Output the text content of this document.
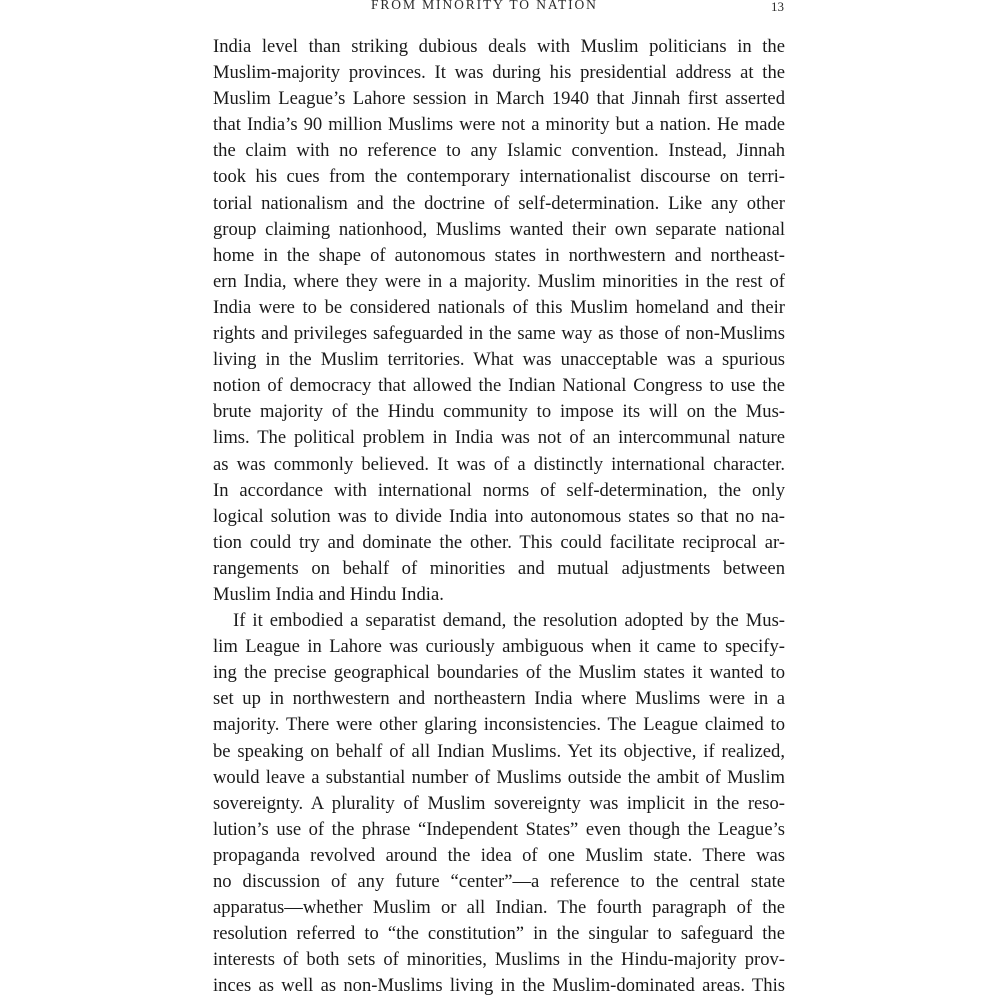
FROM MINORITY TO NATION	13
India level than striking dubious deals with Muslim politicians in the
Muslim-majority provinces. It was during his presidential address at the
Muslim League’s Lahore session in March 1940 that Jinnah first asserted
that India’s 90 million Muslims were not a minority but a nation. He made
the claim with no reference to any Islamic convention. Instead, Jinnah
took his cues from the contemporary internationalist discourse on terri-
torial nationalism and the doctrine of self-determination. Like any other
group claiming nationhood, Muslims wanted their own separate national
home in the shape of autonomous states in northwestern and northeast-
ern India, where they were in a majority. Muslim minorities in the rest of
India were to be considered nationals of this Muslim homeland and their
rights and privileges safeguarded in the same way as those of non-Muslims
living in the Muslim territories. What was unacceptable was a spurious
notion of democracy that allowed the Indian National Congress to use the
brute majority of the Hindu community to impose its will on the Mus-
lims. The political problem in India was not of an intercommunal nature
as was commonly believed. It was of a distinctly international character.
In accordance with international norms of self-determination, the only
logical solution was to divide India into autonomous states so that no na-
tion could try and dominate the other. This could facilitate reciprocal ar-
rangements on behalf of minorities and mutual adjustments between
Muslim India and Hindu India.
If it embodied a separatist demand, the resolution adopted by the Mus-
lim League in Lahore was curiously ambiguous when it came to specify-
ing the precise geographical boundaries of the Muslim states it wanted to
set up in northwestern and northeastern India where Muslims were in a
majority. There were other glaring inconsistencies. The League claimed to
be speaking on behalf of all Indian Muslims. Yet its objective, if realized,
would leave a substantial number of Muslims outside the ambit of Muslim
sovereignty. A plurality of Muslim sovereignty was implicit in the reso-
lution’s use of the phrase “Independent States” even though the League’s
propaganda revolved around the idea of one Muslim state. There was
no discussion of any future “center”—a reference to the central state
apparatus—whether Muslim or all Indian. The fourth paragraph of the
resolution referred to “the constitution” in the singular to safeguard the
interests of both sets of minorities, Muslims in the Hindu-majority prov-
inces as well as non-Muslims living in the Muslim-dominated areas. This
